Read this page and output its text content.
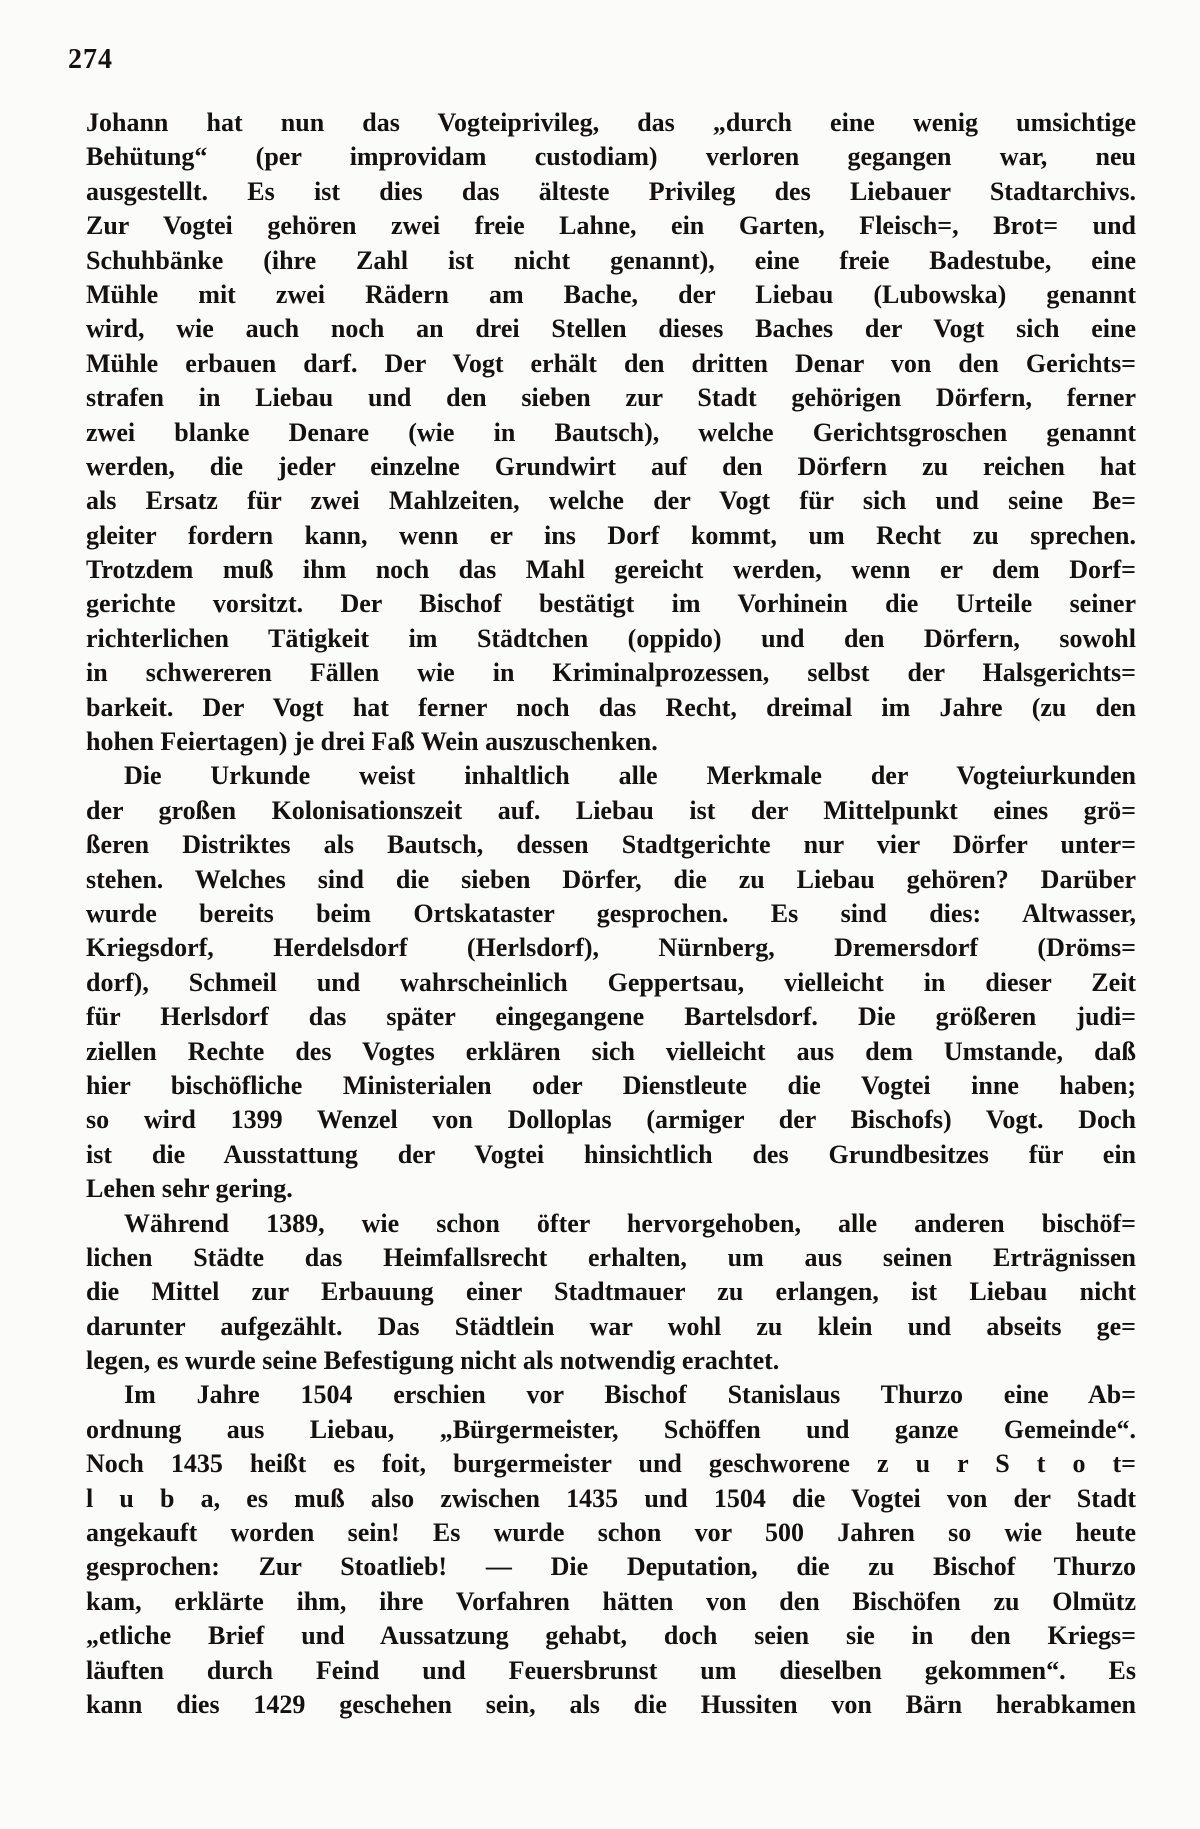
274
Johann hat nun das Vogteiprivileg, das „durch eine wenig umsichtige
Behütung“ (per improvidam custodiam) verloren gegangen war, neu
ausgestellt. Es ist dies das älteste Privileg des Liebauer Stadtarchivs.
Zur Vogtei gehören zwei freie Lahne, ein Garten, Fleisch=, Brot= und
Schuhbänke (ihre Zahl ist nicht genannt), eine freie Badestube, eine
Mühle mit zwei Rädern am Bache, der Liebau (Lubowska) genannt
wird, wie auch noch an drei Stellen dieses Baches der Vogt sich eine
Mühle erbauen darf. Der Vogt erhält den dritten Denar von den Gerichts=
strafen in Liebau und den sieben zur Stadt gehörigen Dörfern, ferner
zwei blanke Denare (wie in Bautsch), welche Gerichtsgroschen genannt
werden, die jeder einzelne Grundwirt auf den Dörfern zu reichen hat
als Ersatz für zwei Mahlzeiten, welche der Vogt für sich und seine Be=
gleiter fordern kann, wenn er ins Dorf kommt, um Recht zu sprechen.
Trotzdem muß ihm noch das Mahl gereicht werden, wenn er dem Dorf=
gerichte vorsitzt. Der Bischof bestätigt im Vorhinein die Urteile seiner
richterlichen Tätigkeit im Städtchen (oppido) und den Dörfern, sowohl
in schwereren Fällen wie in Kriminalprozessen, selbst der Halsgerichts=
barkeit. Der Vogt hat ferner noch das Recht, dreimal im Jahre (zu den
hohen Feiertagen) je drei Faß Wein auszuschenken.
Die Urkunde weist inhaltlich alle Merkmale der Vogteiurkunden
der großen Kolonisationszeit auf. Liebau ist der Mittelpunkt eines grö=
ßeren Distriktes als Bautsch, dessen Stadtgerichte nur vier Dörfer unter=
stehen. Welches sind die sieben Dörfer, die zu Liebau gehören? Darüber
wurde bereits beim Ortskataster gesprochen. Es sind dies: Altwasser,
Kriegsdorf, Herdelsdorf (Herlsdorf), Nürnberg, Dremersdorf (Dröms=
dorf), Schmeil und wahrscheinlich Geppertsau, vielleicht in dieser Zeit
für Herlsdorf das später eingegangene Bartelsdorf. Die größeren judi=
ziellen Rechte des Vogtes erklären sich vielleicht aus dem Umstande, daß
hier bischöfliche Ministerialen oder Dienstleute die Vogtei inne haben;
so wird 1399 Wenzel von Dolloplas (armiger der Bischofs) Vogt. Doch
ist die Ausstattung der Vogtei hinsichtlich des Grundbesitzes für ein
Lehen sehr gering.
Während 1389, wie schon öfter hervorgehoben, alle anderen bischöf=
lichen Städte das Heimfallsrecht erhalten, um aus seinen Erträgnissen
die Mittel zur Erbauung einer Stadtmauer zu erlangen, ist Liebau nicht
darunter aufgezählt. Das Städtlein war wohl zu klein und abseits ge=
legen, es wurde seine Befestigung nicht als notwendig erachtet.
Im Jahre 1504 erschien vor Bischof Stanislaus Thurzo eine Ab=
ordnung aus Liebau, „Bürgermeister, Schöffen und ganze Gemeinde“.
Noch 1435 heißt es foit, burgermeister und geschworene z u r S t o t=
l u b a, es muß also zwischen 1435 und 1504 die Vogtei von der Stadt
angekauft worden sein! Es wurde schon vor 500 Jahren so wie heute
gesprochen: Zur Stoatlieb! — Die Deputation, die zu Bischof Thurzo
kam, erklärte ihm, ihre Vorfahren hätten von den Bischöfen zu Olmütz
„etliche Brief und Aussatzung gehabt, doch seien sie in den Kriegs=
läuften durch Feind und Feuersbrunst um dieselben gekommen“. Es
kann dies 1429 geschehen sein, als die Hussiten von Bärn herabkamen
